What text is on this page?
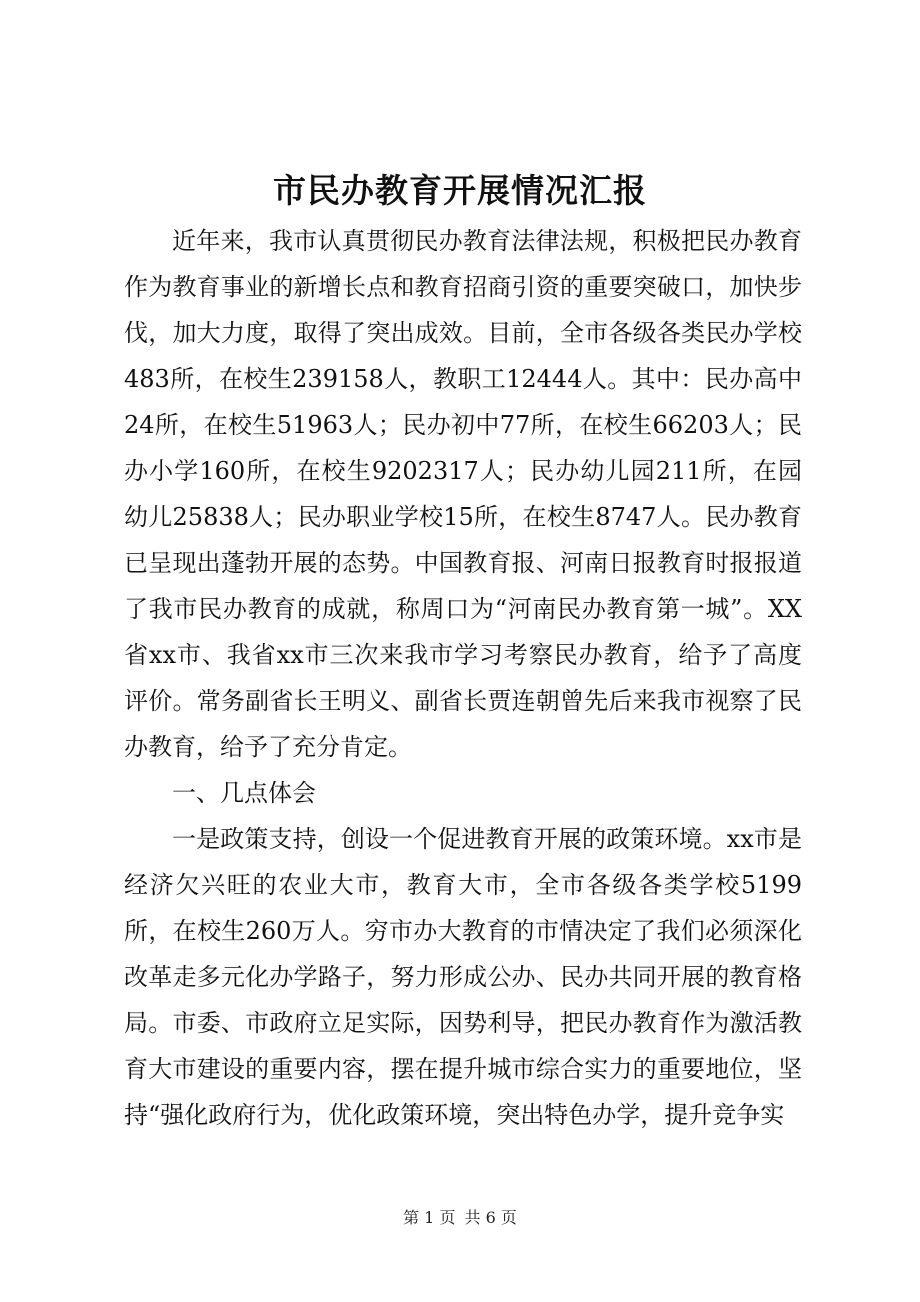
市民办教育开展情况汇报

近年来，我市认真贯彻民办教育法律法规，积极把民办教育作为教育事业的新增长点和教育招商引资的重要突破口，加快步伐，加大力度，取得了突出成效。目前，全市各级各类民办学校483所，在校生239158人，教职工12444人。其中：民办高中24所，在校生51963人；民办初中77所，在校生66203人；民办小学160所，在校生9202317人；民办幼儿园211所，在园幼儿25838人；民办职业学校15所，在校生8747人。民办教育已呈现出蓬勃开展的态势。中国教育报、河南日报教育时报报道了我市民办教育的成就，称周口为“河南民办教育第一城”。XX省xx市、我省xx市三次来我市学习考察民办教育，给予了高度评价。常务副省长王明义、副省长贾连朝曾先后来我市视察了民办教育，给予了充分肯定。

一、几点体会

一是政策支持，创设一个促进教育开展的政策环境。xx市是经济欠兴旺的农业大市，教育大市，全市各级各类学校5199所，在校生260万人。穷市办大教育的市情决定了我们必须深化改革走多元化办学路子，努力形成公办、民办共同开展的教育格局。市委、市政府立足实际，因势利导，把民办教育作为激活教育大市建设的重要内容，摆在提升城市综合实力的重要地位，坚持“强化政府行为，优化政策环境，突出特色办学，提升竞争实

第 1 页 共 6 页
